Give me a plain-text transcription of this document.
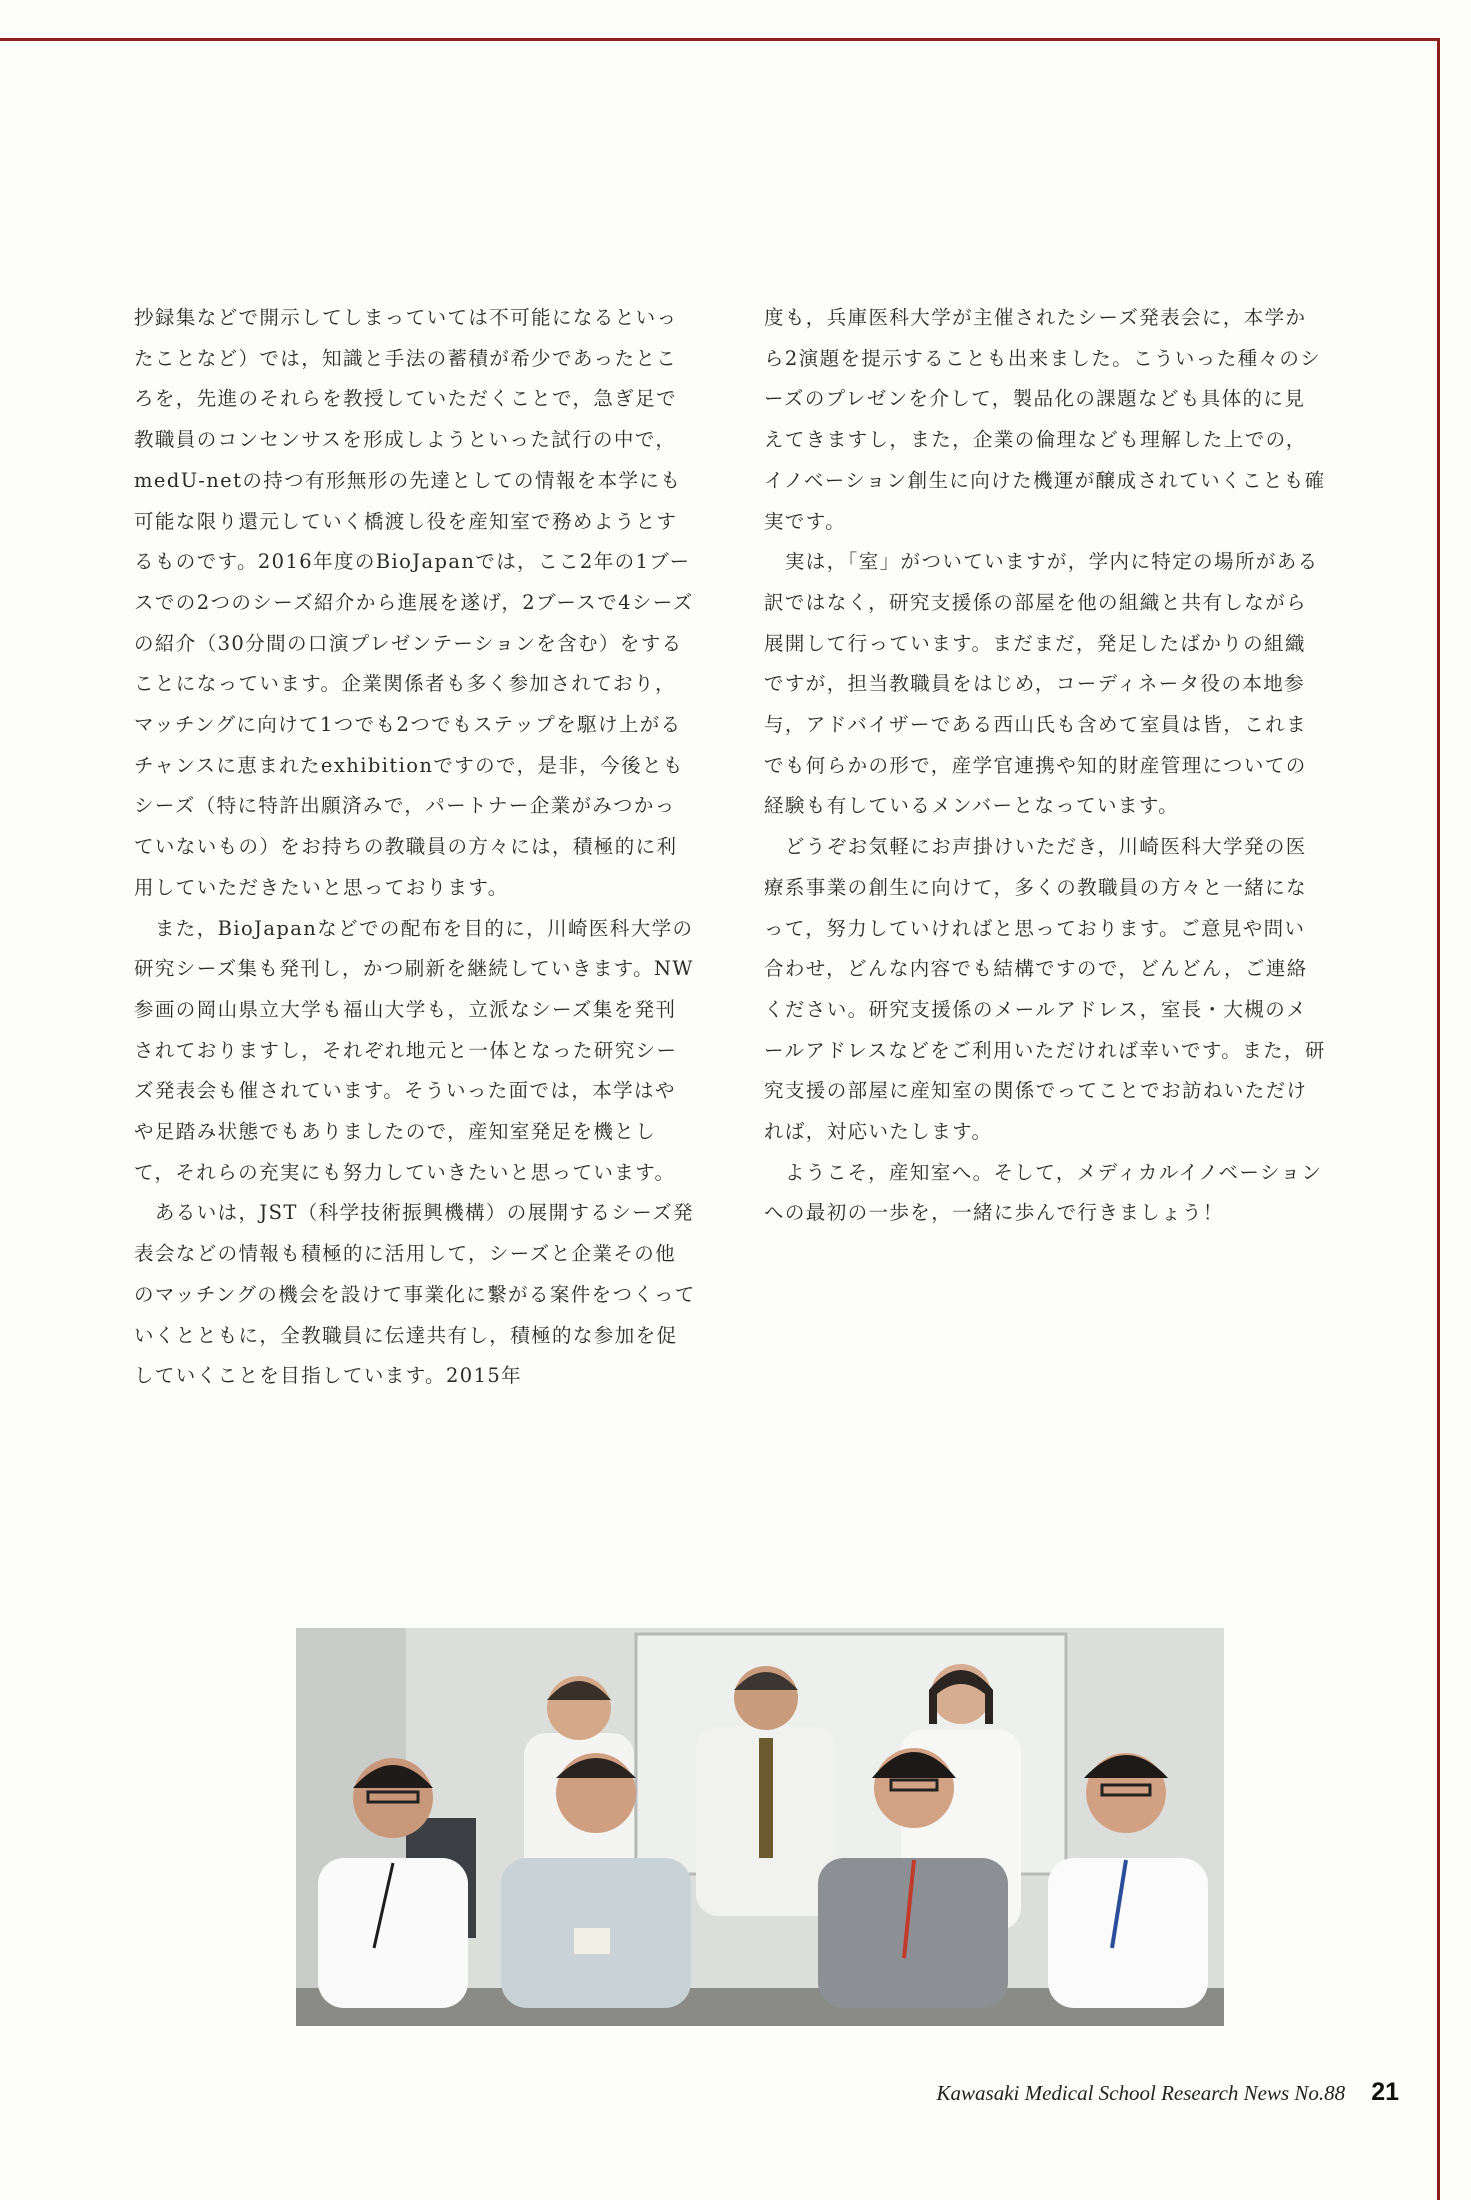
抄録集などで開示してしまっていては不可能になるといったことなど）では，知識と手法の蓄積が希少であったところを，先進のそれらを教授していただくことで，急ぎ足で教職員のコンセンサスを形成しようといった試行の中で，medU-netの持つ有形無形の先達としての情報を本学にも可能な限り還元していく橋渡し役を産知室で務めようとするものです。2016年度のBioJapanでは，ここ2年の1ブースでの2つのシーズ紹介から進展を遂げ，2ブースで4シーズの紹介（30分間の口演プレゼンテーションを含む）をすることになっています。企業関係者も多く参加されており，マッチングに向けて1つでも2つでもステップを駆け上がるチャンスに恵まれたexhibitionですので，是非，今後ともシーズ（特に特許出願済みで，パートナー企業がみつかっていないもの）をお持ちの教職員の方々には，積極的に利用していただきたいと思っております。

　また，BioJapanなどでの配布を目的に，川崎医科大学の研究シーズ集も発刊し，かつ刷新を継続していきます。NW参画の岡山県立大学も福山大学も，立派なシーズ集を発刊されておりますし，それぞれ地元と一体となった研究シーズ発表会も催されています。そういった面では，本学はやや足踏み状態でもありましたので，産知室発足を機として，それらの充実にも努力していきたいと思っています。

　あるいは，JST（科学技術振興機構）の展開するシーズ発表会などの情報も積極的に活用して，シーズと企業その他のマッチングの機会を設けて事業化に繋がる案件をつくっていくとともに，全教職員に伝達共有し，積極的な参加を促していくことを目指しています。2015年

度も，兵庫医科大学が主催されたシーズ発表会に，本学から2演題を提示することも出来ました。こういった種々のシーズのプレゼンを介して，製品化の課題なども具体的に見えてきますし，また，企業の倫理なども理解した上での，イノベーション創生に向けた機運が醸成されていくことも確実です。

　実は，「室」がついていますが，学内に特定の場所がある訳ではなく，研究支援係の部屋を他の組織と共有しながら展開して行っています。まだまだ，発足したばかりの組織ですが，担当教職員をはじめ，コーディネータ役の本地参与，アドバイザーである西山氏も含めて室員は皆，これまでも何らかの形で，産学官連携や知的財産管理についての経験も有しているメンバーとなっています。

　どうぞお気軽にお声掛けいただき，川崎医科大学発の医療系事業の創生に向けて，多くの教職員の方々と一緒になって，努力していければと思っております。ご意見や問い合わせ，どんな内容でも結構ですので，どんどん，ご連絡ください。研究支援係のメールアドレス，室長・大槻のメールアドレスなどをご利用いただければ幸いです。また，研究支援の部屋に産知室の関係でってことでお訪ねいただければ，対応いたします。

　ようこそ，産知室へ。そして，メディカルイノベーションへの最初の一歩を，一緒に歩んで行きましょう！

Kawasaki Medical School Research News No.88 21
